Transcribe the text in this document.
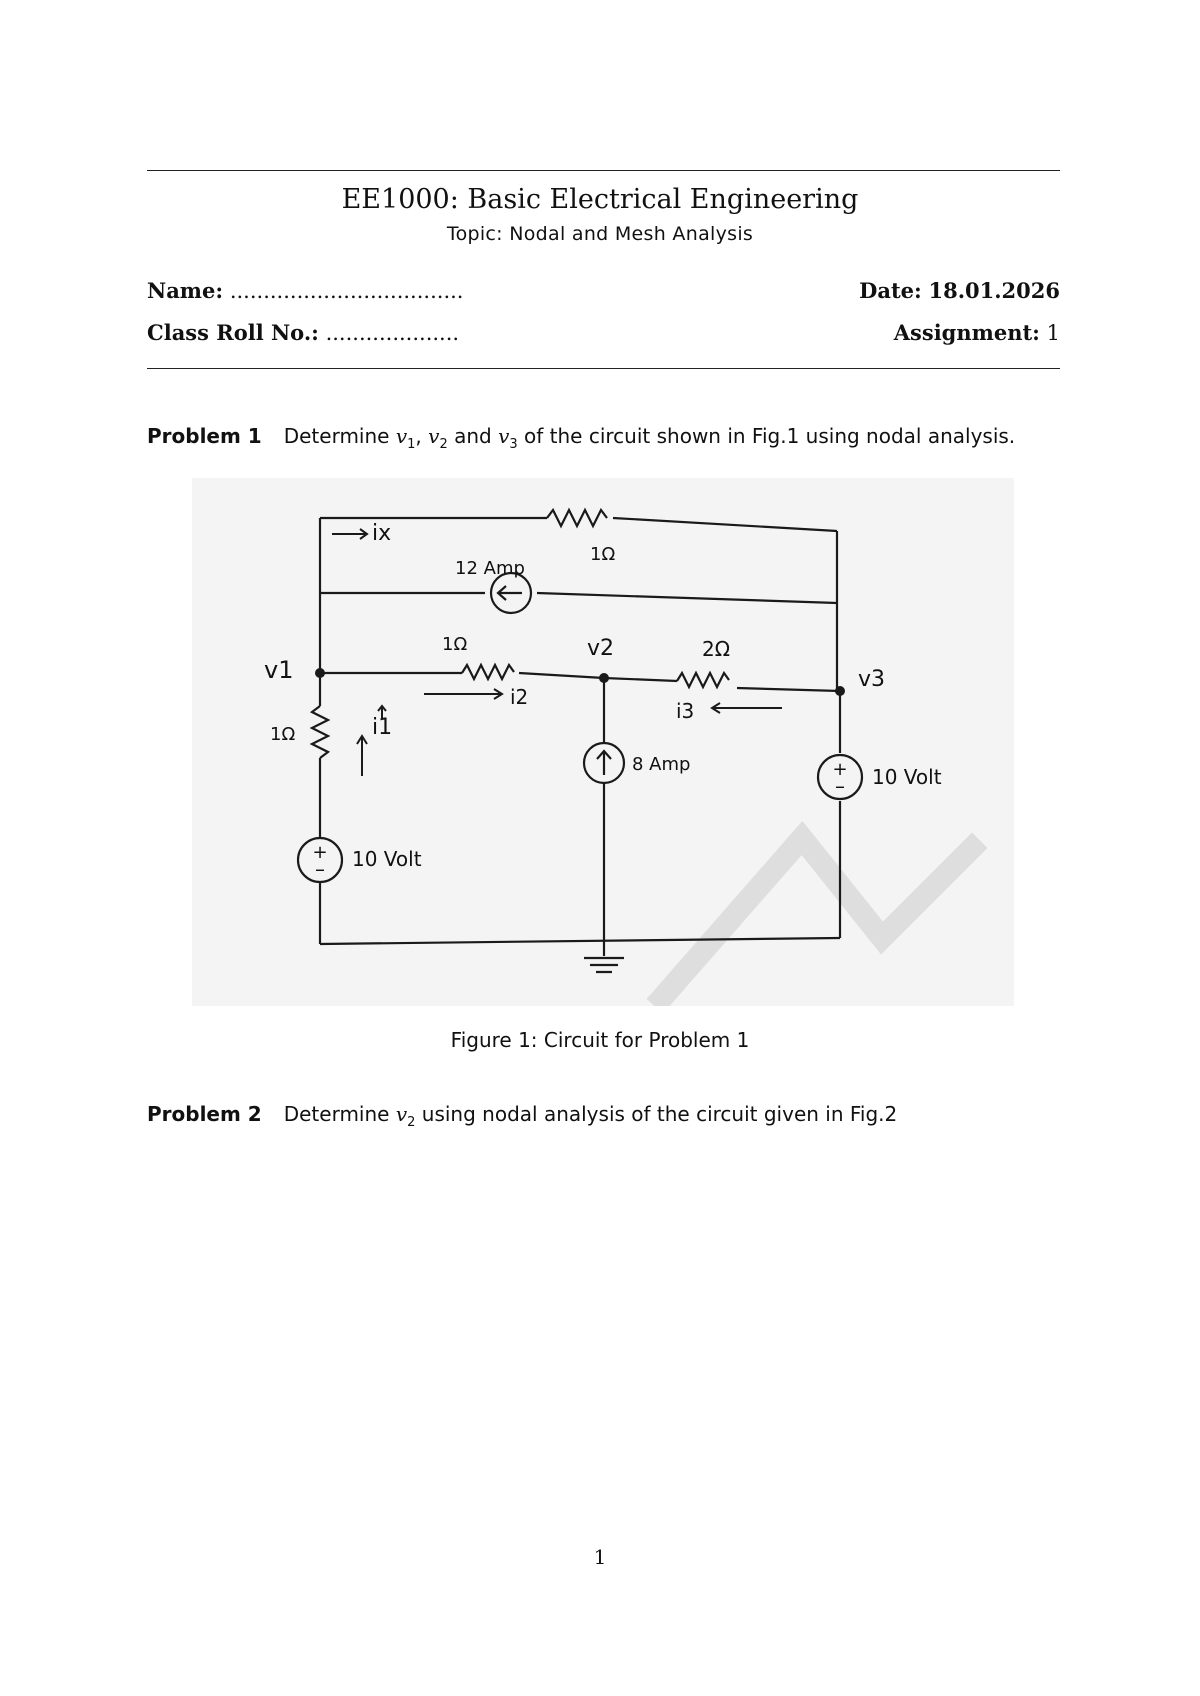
EE1000: Basic Electrical Engineering
Topic: Nodal and Mesh Analysis
Name: ...................................	Date: 18.01.2026
Class Roll No.: ....................	Assignment: 1
Problem 1 Determine $v_1$, $v_2$ and $v_3$ of the circuit shown in Fig.1 using nodal analysis.
+
–
+
–
ix
1Ω
12 Amp
v1
1Ω	v2	2Ω
v3
i2
i3
1Ω	i1
8 Amp
10 Volt
10 Volt
Figure 1: Circuit for Problem 1
Problem 2 Determine $v_2$ using nodal analysis of the circuit given in Fig.2
1
